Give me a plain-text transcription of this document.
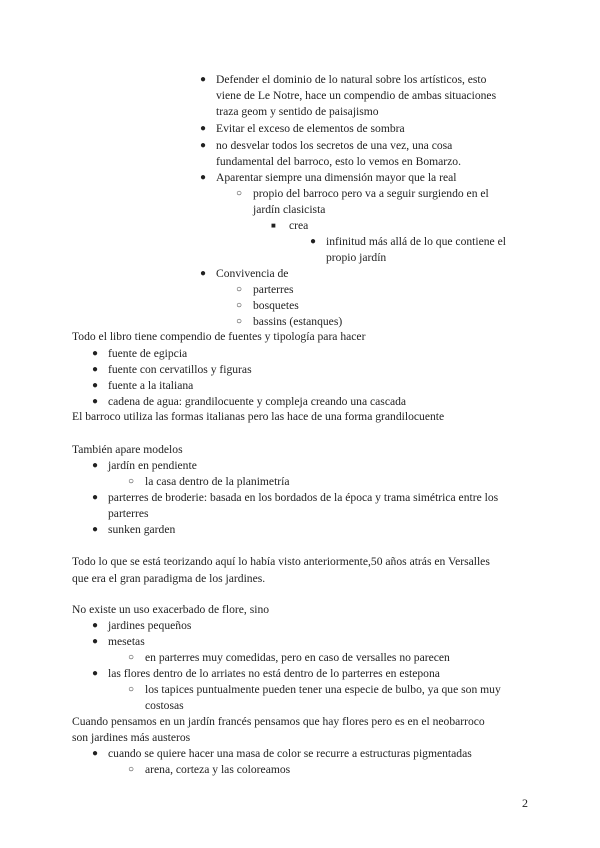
● Defender el dominio de lo natural sobre los artísticos, esto
viene de Le Notre, hace un compendio de ambas situaciones
traza geom y sentido de paisajismo
● Evitar el exceso de elementos de sombra
● no desvelar todos los secretos de una vez, una cosa
fundamental del barroco, esto lo vemos en Bomarzo.
● Aparentar siempre una dimensión mayor que la real
○ propio del barroco pero va a seguir surgiendo en el
jardín clasicista
■ crea
● infinitud más allá de lo que contiene el
propio jardín
● Convivencia de
○ parterres
○ bosquetes
○ bassins (estanques)
Todo el libro tiene compendio de fuentes y tipología para hacer
● fuente de egipcia
● fuente con cervatillos y figuras
● fuente a la italiana
● cadena de agua: grandilocuente y compleja creando una cascada
El barroco utiliza las formas italianas pero las hace de una forma grandilocuente
También apare modelos
● jardín en pendiente
○ la casa dentro de la planimetría
● parterres de broderie: basada en los bordados de la época y trama simétrica entre los
parterres
● sunken garden
Todo lo que se está teorizando aquí lo había visto anteriormente,50 años atrás en Versalles
que era el gran paradigma de los jardines.
No existe un uso exacerbado de flore, sino
● jardines pequeños
● mesetas
○ en parterres muy comedidas, pero en caso de versalles no parecen
● las flores dentro de lo arriates no está dentro de lo parterres en estepona
○ los tapices puntualmente pueden tener una especie de bulbo, ya que son muy
costosas
Cuando pensamos en un jardín francés pensamos que hay flores pero es en el neobarroco
son jardines más austeros
● cuando se quiere hacer una masa de color se recurre a estructuras pigmentadas
○ arena, corteza y las coloreamos
2
